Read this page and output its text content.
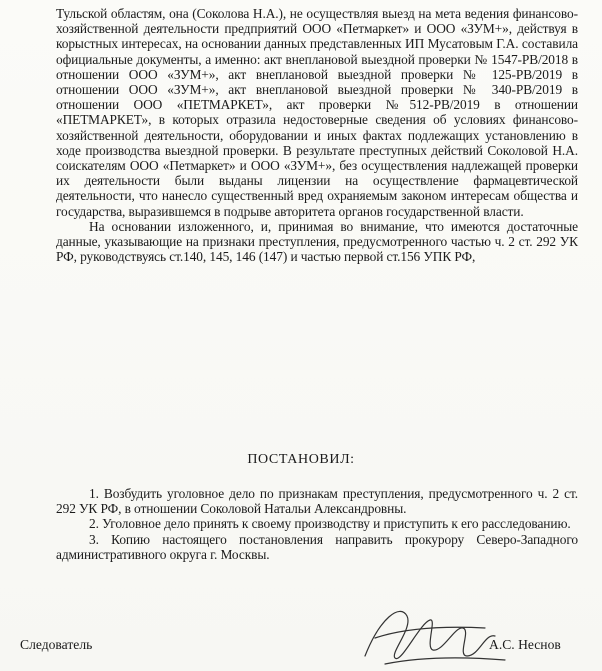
Тульской областям, она (Соколова Н.А.), не осуществляя выезд на мета ведения финансово-хозяйственной деятельности предприятий ООО «Петмаркет» и ООО «ЗУМ+», действуя в корыстных интересах, на основании данных представленных ИП Мусатовым Г.А. составила официальные документы, а именно: акт внеплановой выездной проверки № 1547-РВ/2018 в отношении ООО «ЗУМ+», акт внеплановой выездной проверки № 125-РВ/2019 в отношении ООО «ЗУМ+», акт внеплановой выездной проверки № 340-РВ/2019 в отношении ООО «ПЕТМАРКЕТ», акт проверки №512-РВ/2019 в отношении «ПЕТМАРКЕТ», в которых отразила недостоверные сведения об условиях финансово-хозяйственной деятельности, оборудовании и иных фактах подлежащих установлению в ходе производства выездной проверки. В результате преступных действий Соколовой Н.А. соискателям ООО «Петмаркет» и ООО «ЗУМ+», без осуществления надлежащей проверки их деятельности были выданы лицензии на осуществление фармацевтической деятельности, что нанесло существенный вред охраняемым законом интересам общества и государства, выразившемся в подрыве авторитета органов государственной власти.

На основании изложенного, и, принимая во внимание, что имеются достаточные данные, указывающие на признаки преступления, предусмотренного частью ч. 2 ст. 292 УК РФ, руководствуясь ст.140, 145, 146 (147) и частью первой ст.156 УПК РФ,

ПОСТАНОВИЛ:

1. Возбудить уголовное дело по признакам преступления, предусмотренного ч. 2 ст. 292 УК РФ, в отношении Соколовой Натальи Александровны.

2. Уголовное дело принять к своему производству и приступить к его расследованию.

3. Копию настоящего постановления направить прокурору Северо-Западного административного округа г. Москвы.

Следователь	А.С. Неснов
